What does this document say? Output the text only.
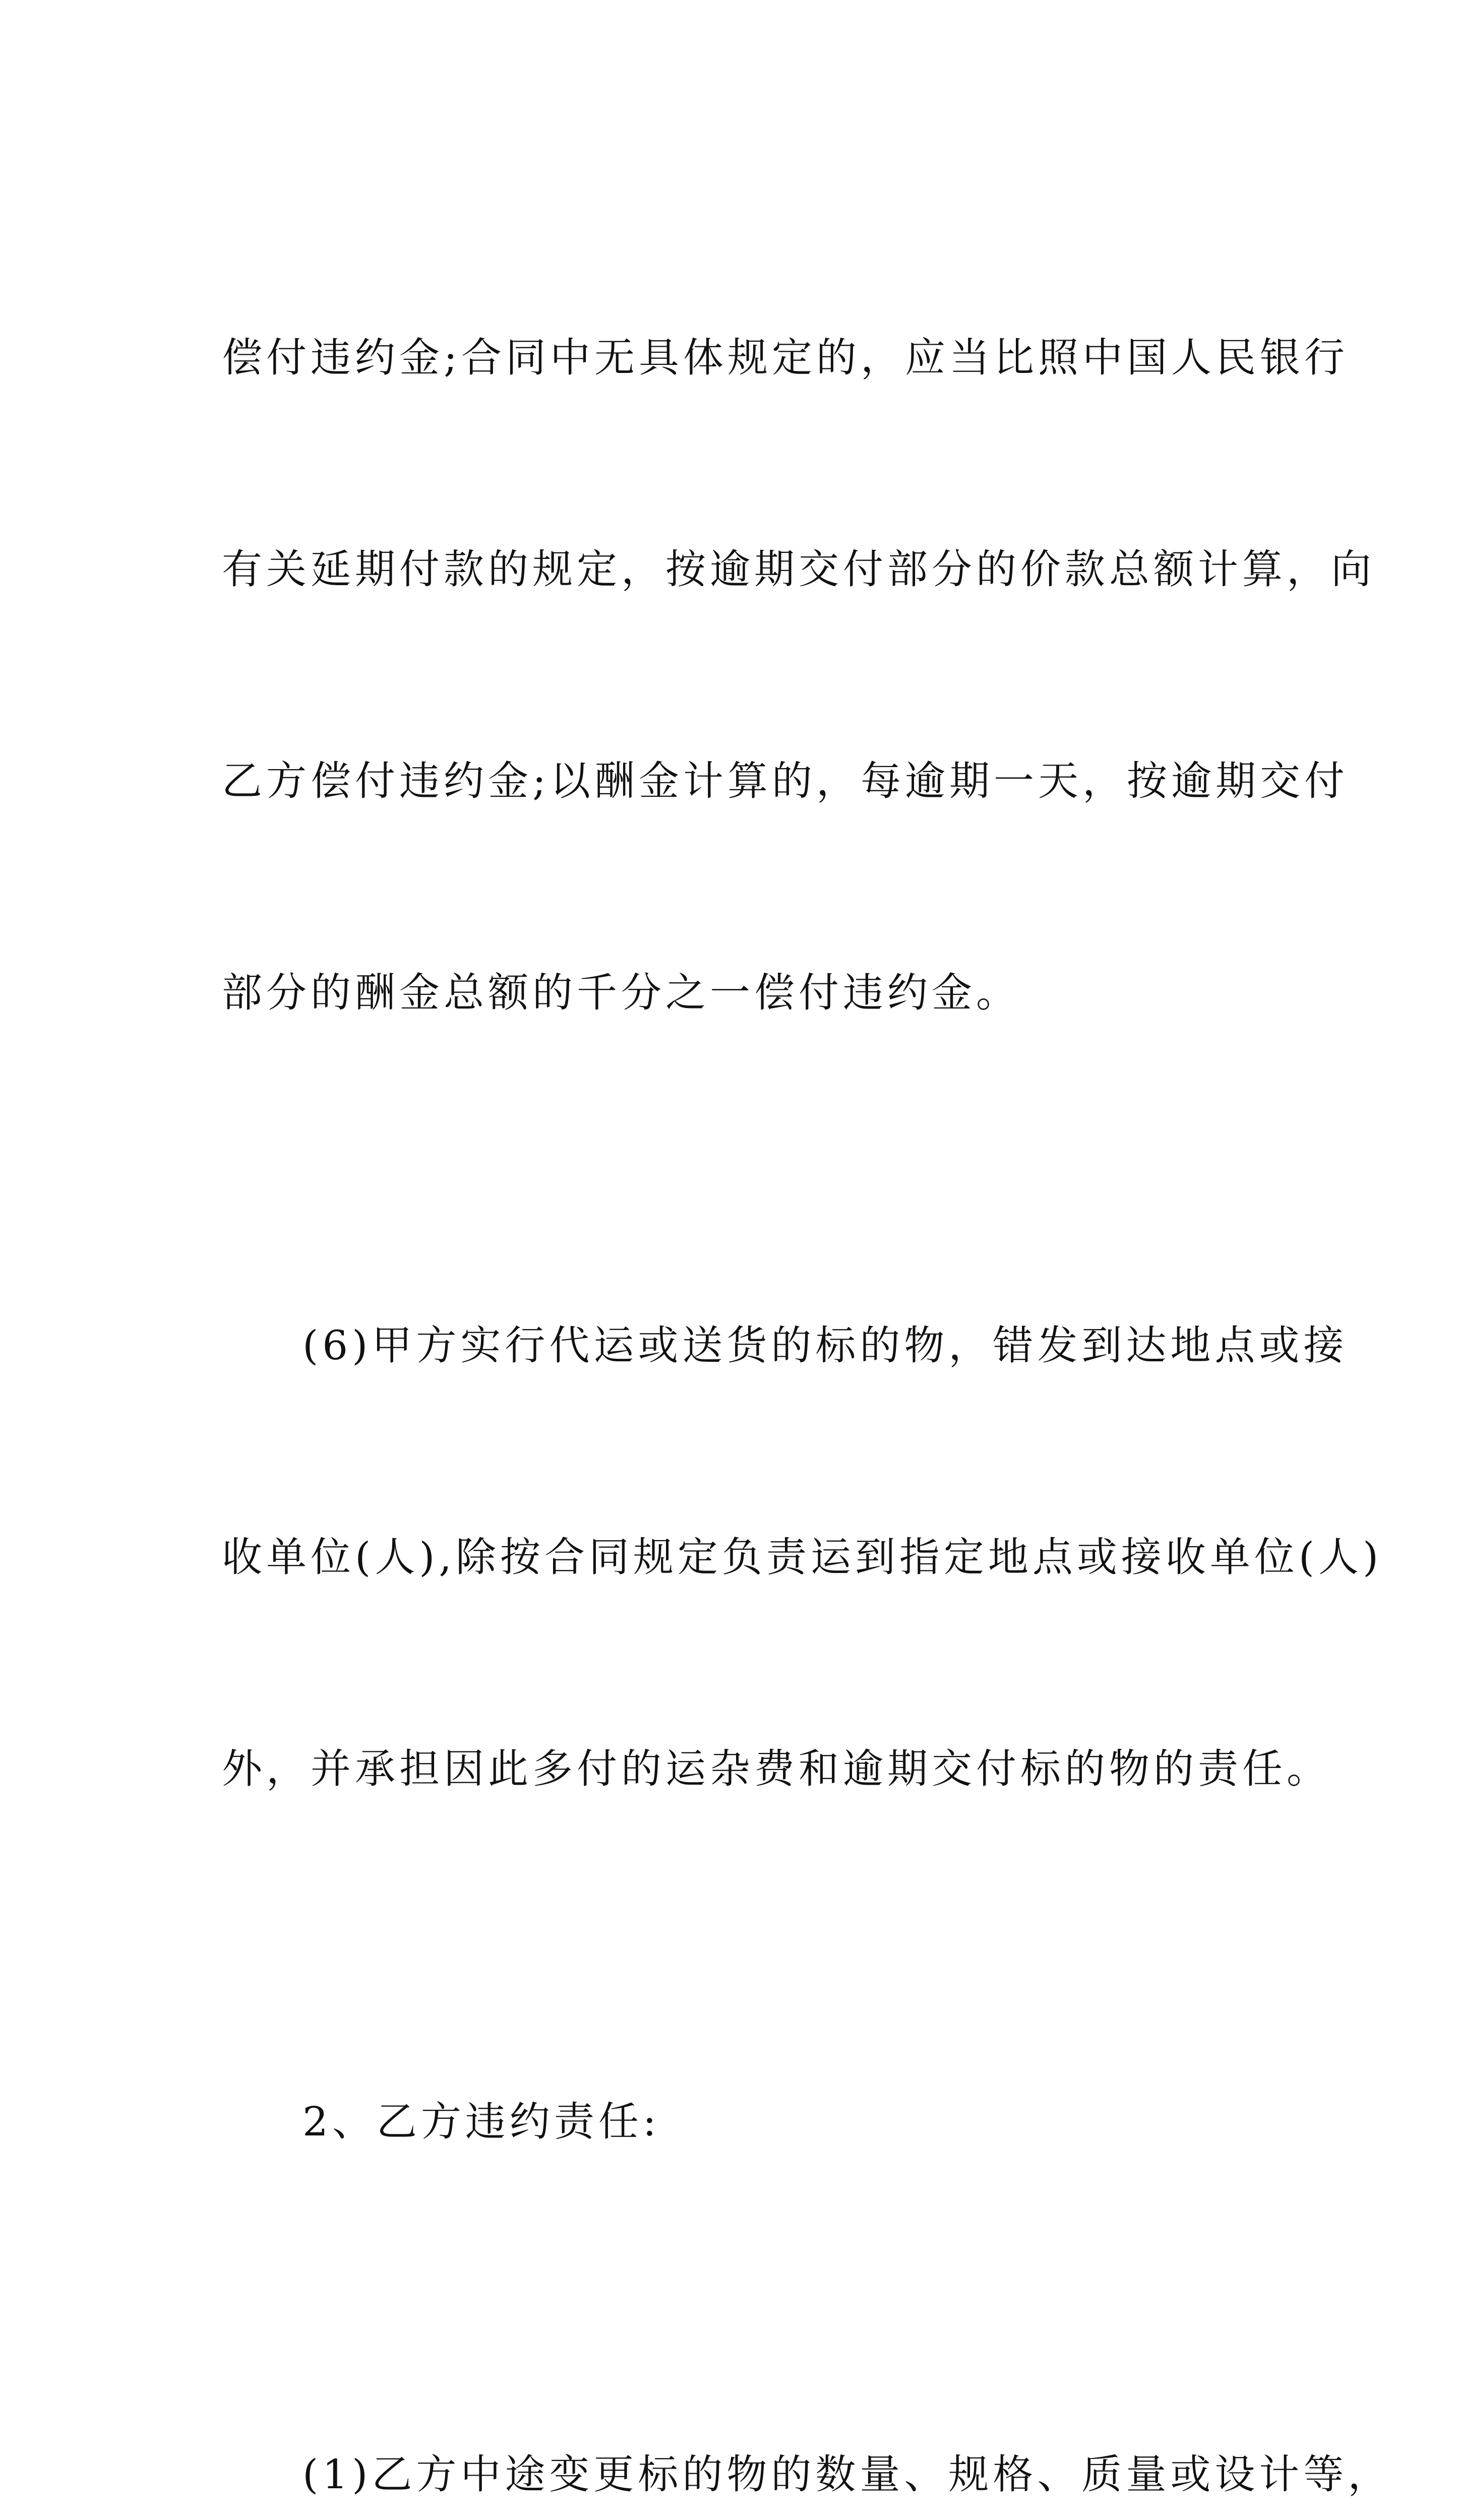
偿付违约金;合同中无具体规定的，应当比照中国人民银行

有关延期付款的规定，按逾期交付部分的价款总额计算，向

乙方偿付违约金;以酬金计算的，每逾期一天，按逾期交付

部分的酬金总额的千分之一偿付违约金。

(6)甲方实行代运或送货的标的物，错发到达地点或接

收单位(人),除按合同规定负责运到指定地点或接收单位(人)

外，并承担因此多付的运杂费和逾期交付标的物的责任。

2、乙方违约责任:

(1)乙方中途变更标的物的数量、规格、质量或设计等，
